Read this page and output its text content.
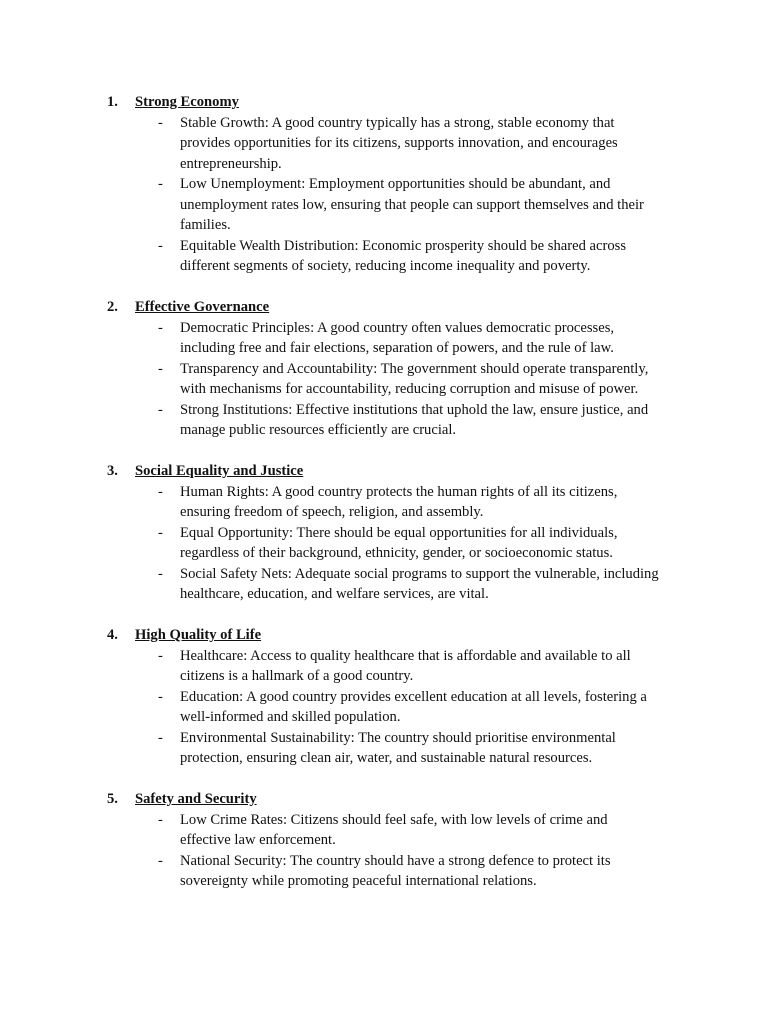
1. Strong Economy
- Stable Growth: A good country typically has a strong, stable economy that
provides opportunities for its citizens, supports innovation, and encourages
entrepreneurship.
- Low Unemployment: Employment opportunities should be abundant, and
unemployment rates low, ensuring that people can support themselves and their
families.
- Equitable Wealth Distribution: Economic prosperity should be shared across
different segments of society, reducing income inequality and poverty.
2. Effective Governance
- Democratic Principles: A good country often values democratic processes,
including free and fair elections, separation of powers, and the rule of law.
- Transparency and Accountability: The government should operate transparently,
with mechanisms for accountability, reducing corruption and misuse of power.
- Strong Institutions: Effective institutions that uphold the law, ensure justice, and
manage public resources efficiently are crucial.
3. Social Equality and Justice
- Human Rights: A good country protects the human rights of all its citizens,
ensuring freedom of speech, religion, and assembly.
- Equal Opportunity: There should be equal opportunities for all individuals,
regardless of their background, ethnicity, gender, or socioeconomic status.
- Social Safety Nets: Adequate social programs to support the vulnerable, including
healthcare, education, and welfare services, are vital.
4. High Quality of Life
- Healthcare: Access to quality healthcare that is affordable and available to all
citizens is a hallmark of a good country.
- Education: A good country provides excellent education at all levels, fostering a
well-informed and skilled population.
- Environmental Sustainability: The country should prioritise environmental
protection, ensuring clean air, water, and sustainable natural resources.
5. Safety and Security
- Low Crime Rates: Citizens should feel safe, with low levels of crime and
effective law enforcement.
- National Security: The country should have a strong defence to protect its
sovereignty while promoting peaceful international relations.
